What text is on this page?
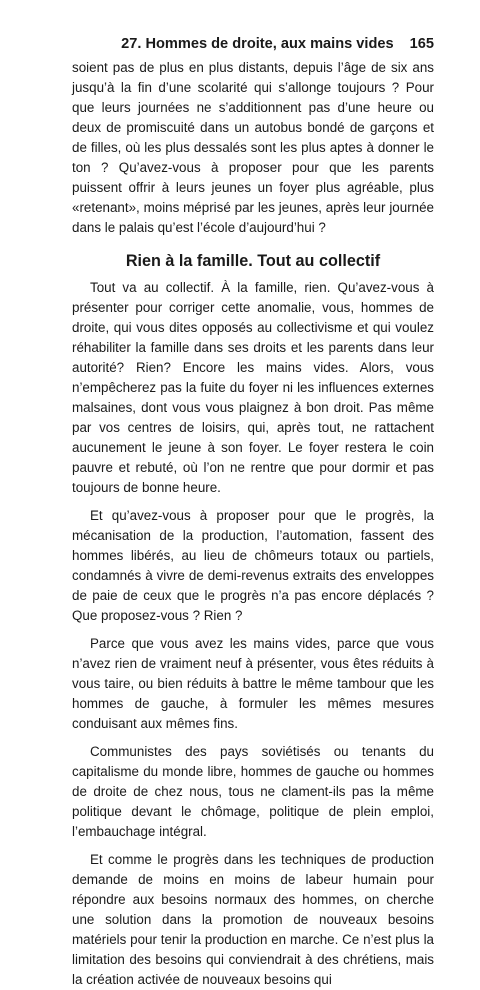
27. Hommes de droite, aux mains vides 165

soient pas de plus en plus distants, depuis l’âge de six ans jusqu’à la fin d’une scolarité qui s’allonge toujours ? Pour que leurs journées ne s’additionnent pas d’une heure ou deux de promiscuité dans un autobus bondé de garçons et de filles, où les plus dessalés sont les plus aptes à donner le ton ? Qu’avez-vous à proposer pour que les parents puissent offrir à leurs jeunes un foyer plus agréable, plus «retenant», moins méprisé par les jeunes, après leur journée dans le palais qu’est l’école d’aujourd’hui ?

Rien à la famille. Tout au collectif

Tout va au collectif. À la famille, rien. Qu’avez-vous à présenter pour corriger cette anomalie, vous, hommes de droite, qui vous dites opposés au collectivisme et qui voulez réhabiliter la famille dans ses droits et les parents dans leur autorité? Rien? Encore les mains vides. Alors, vous n’empêcherez pas la fuite du foyer ni les influences externes malsaines, dont vous vous plaignez à bon droit. Pas même par vos centres de loisirs, qui, après tout, ne rattachent aucunement le jeune à son foyer. Le foyer restera le coin pauvre et rebuté, où l’on ne rentre que pour dormir et pas toujours de bonne heure.

Et qu’avez-vous à proposer pour que le progrès, la mécanisation de la production, l’automation, fassent des hommes libérés, au lieu de chômeurs totaux ou partiels, condamnés à vivre de demi-revenus extraits des enveloppes de paie de ceux que le progrès n’a pas encore déplacés ? Que proposez-vous ? Rien ?

Parce que vous avez les mains vides, parce que vous n’avez rien de vraiment neuf à présenter, vous êtes réduits à vous taire, ou bien réduits à battre le même tambour que les hommes de gauche, à formuler les mêmes mesures conduisant aux mêmes fins.

Communistes des pays soviétisés ou tenants du capitalisme du monde libre, hommes de gauche ou hommes de droite de chez nous, tous ne clament-ils pas la même politique devant le chômage, politique de plein emploi, l’embauchage intégral.

Et comme le progrès dans les techniques de production demande de moins en moins de labeur humain pour répondre aux besoins normaux des hommes, on cherche une solution dans la promotion de nouveaux besoins matériels pour tenir la production en marche. Ce n’est plus la limitation des besoins qui conviendrait à des chrétiens, mais la création activée de nouveaux besoins qui
